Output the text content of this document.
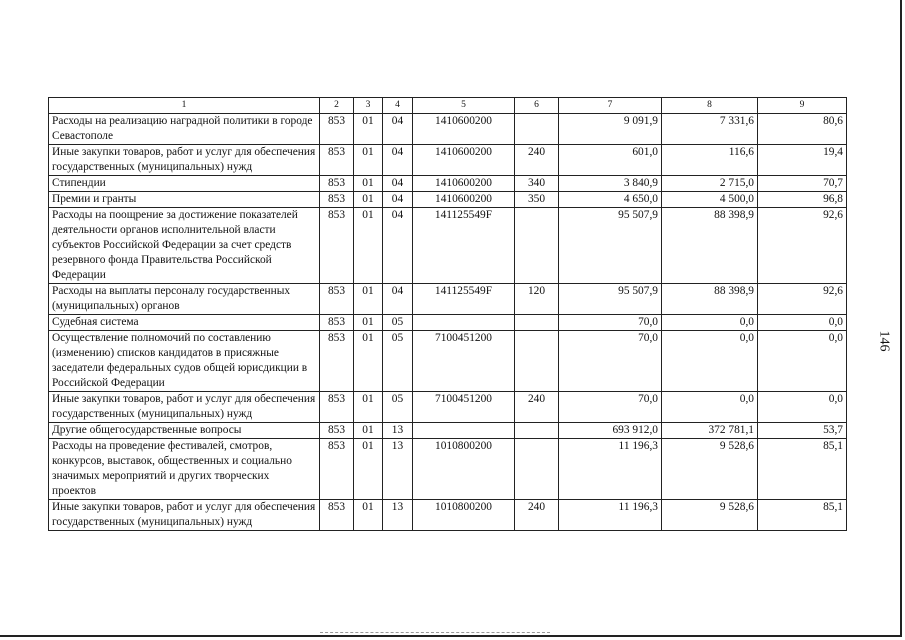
1	2	3	4	5	6	7	8	9
Расходы на реализацию наградной политики в городе Севастополе	853	01	04	1410600200		9 091,9	7 331,6	80,6
Иные закупки товаров, работ и услуг для обеспечения государственных (муниципальных) нужд	853	01	04	1410600200	240	601,0	116,6	19,4
Стипендии	853	01	04	1410600200	340	3 840,9	2 715,0	70,7
Премии и гранты	853	01	04	1410600200	350	4 650,0	4 500,0	96,8
Расходы на поощрение за достижение показателей деятельности органов исполнительной власти субъектов Российской Федерации за счет средств резервного фонда Правительства Российской Федерации	853	01	04	141125549F		95 507,9	88 398,9	92,6
Расходы на выплаты персоналу государственных (муниципальных) органов	853	01	04	141125549F	120	95 507,9	88 398,9	92,6
Судебная система	853	01	05			70,0	0,0	0,0
Осуществление полномочий по составлению (изменению) списков кандидатов в присяжные заседатели федеральных судов общей юрисдикции в Российской Федерации	853	01	05	7100451200		70,0	0,0	0,0
Иные закупки товаров, работ и услуг для обеспечения государственных (муниципальных) нужд	853	01	05	7100451200	240	70,0	0,0	0,0
Другие общегосударственные вопросы	853	01	13			693 912,0	372 781,1	53,7
Расходы на проведение фестивалей, смотров, конкурсов, выставок, общественных и социально значимых мероприятий и других творческих проектов	853	01	13	1010800200		11 196,3	9 528,6	85,1
Иные закупки товаров, работ и услуг для обеспечения государственных (муниципальных) нужд	853	01	13	1010800200	240	11 196,3	9 528,6	85,1
146
